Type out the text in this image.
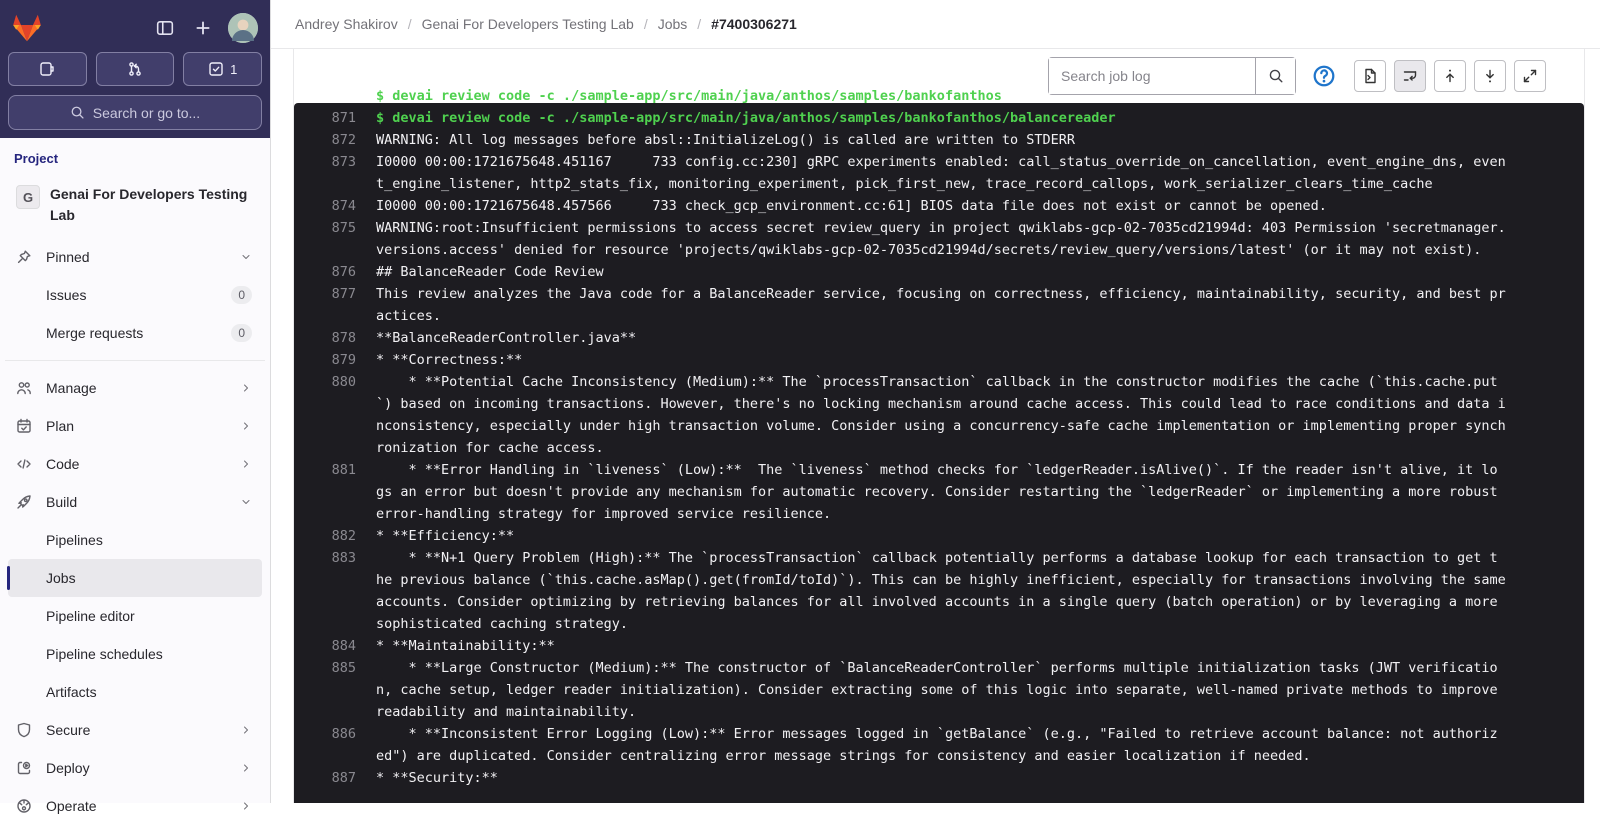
1
Search or go to...
Project
G	Genai For Developers Testing Lab
Pinned
Issues	0
Merge requests	0
Manage
Plan
Code
Build
Pipelines
Jobs
Pipeline editor
Pipeline schedules
Artifacts
Secure
Deploy
Operate
Andrey Shakirov / Genai For Developers Testing Lab / Jobs / #7400306271
Search job log
$ devai review code -c ./sample-app/src/main/java/anthos/samples/bankofanthos
871 $ devai review code -c ./sample-app/src/main/java/anthos/samples/bankofanthos/balancereader
872 WARNING: All log messages before absl::InitializeLog() is called are written to STDERR
873 I0000 00:00:1721675648.451167     733 config.cc:230] gRPC experiments enabled: call_status_override_on_cancellation, event_engine_dns, event_engine_listener, http2_stats_fix, monitoring_experiment, pick_first_new, trace_record_callops, work_serializer_clears_time_cache
874 I0000 00:00:1721675648.457566     733 check_gcp_environment.cc:61] BIOS data file does not exist or cannot be opened.
875 WARNING:root:Insufficient permissions to access secret review_query in project qwiklabs-gcp-02-7035cd21994d: 403 Permission 'secretmanager.versions.access' denied for resource 'projects/qwiklabs-gcp-02-7035cd21994d/secrets/review_query/versions/latest' (or it may not exist).
876 ## BalanceReader Code Review
877 This review analyzes the Java code for a BalanceReader service, focusing on correctness, efficiency, maintainability, security, and best practices.
878 **BalanceReaderController.java**
879 * **Correctness:**
880 * **Potential Cache Inconsistency (Medium):** The `processTransaction` callback in the constructor modifies the cache (`this.cache.put`) based on incoming transactions. However, there's no locking mechanism around cache access. This could lead to race conditions and data inconsistency, especially under high transaction volume. Consider using a concurrency-safe cache implementation or implementing proper synchronization for cache access.
881 * **Error Handling in `liveness` (Low):**  The `liveness` method checks for `ledgerReader.isAlive()`. If the reader isn't alive, it logs an error but doesn't provide any mechanism for automatic recovery. Consider restarting the `ledgerReader` or implementing a more robust error-handling strategy for improved service resilience.
882 * **Efficiency:**
883 * **N+1 Query Problem (High):** The `processTransaction` callback potentially performs a database lookup for each transaction to get the previous balance (`this.cache.asMap().get(fromId/toId)`). This can be highly inefficient, especially for transactions involving the same accounts. Consider optimizing by retrieving balances for all involved accounts in a single query (batch operation) or by leveraging a more sophisticated caching strategy.
884 * **Maintainability:**
885 * **Large Constructor (Medium):** The constructor of `BalanceReaderController` performs multiple initialization tasks (JWT verification, cache setup, ledger reader initialization). Consider extracting some of this logic into separate, well-named private methods to improve readability and maintainability.
886 * **Inconsistent Error Logging (Low):** Error messages logged in `getBalance` (e.g., "Failed to retrieve account balance: not authorized") are duplicated. Consider centralizing error message strings for consistency and easier localization if needed.
887 * **Security:**
